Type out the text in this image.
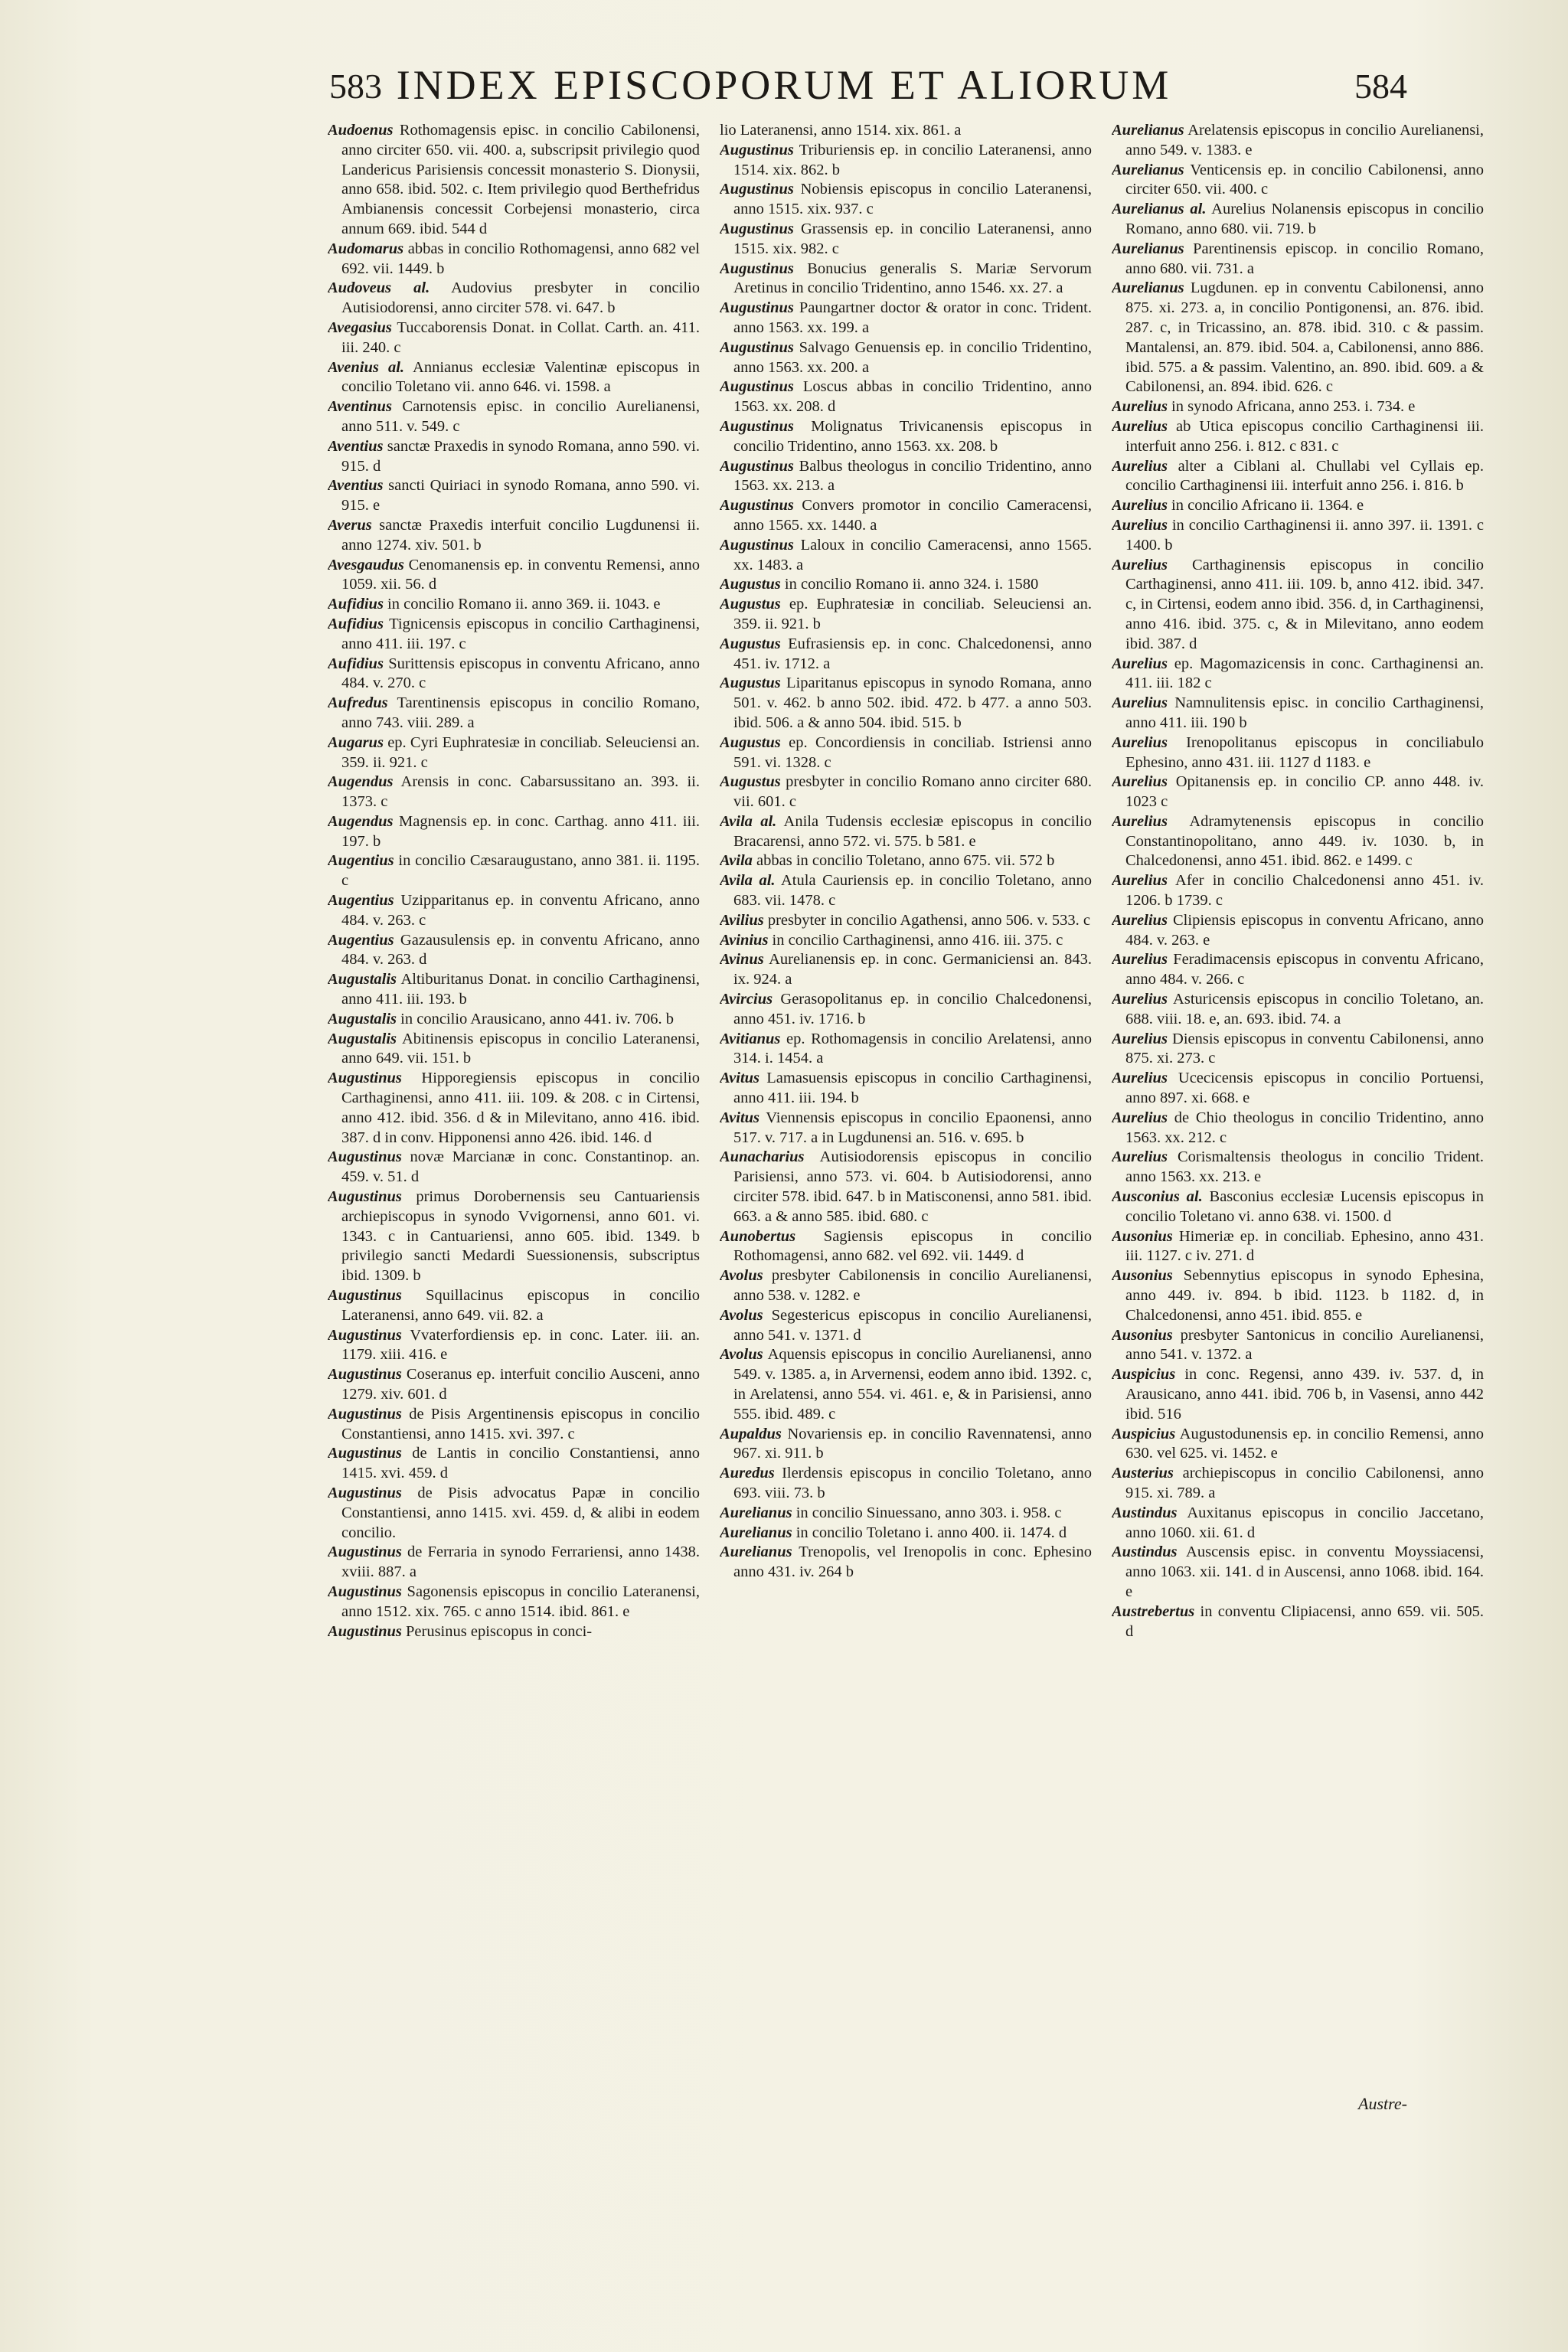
583 INDEX EPISCOPORUM ET ALIORUM	584

Audoenus Rothomagensis episc. in concilio Cabilonensi, anno circiter 650. vii. 400. a, subscripsit privilegio quod Landericus Parisiensis concessit monasterio S. Dionysii, anno 658. ibid. 502. c. Item privilegio quod Berthefridus Ambianensis concessit Corbejensi monasterio, circa annum 669. ibid. 544 d

Audomarus abbas in concilio Rothomagensi, anno 682 vel 692. vii. 1449. b

Audoveus al. Audovius presbyter in concilio Autisiodorensi, anno circiter 578. vi. 647. b

Avegasius Tuccaborensis Donat. in Collat. Carth. an. 411. iii. 240. c

Avenius al. Annianus ecclesiæ Valentinæ episcopus in concilio Toletano vii. anno 646. vi. 1598. a

Aventinus Carnotensis episc. in concilio Aurelianensi, anno 511. v. 549. c

Aventius sanctæ Praxedis in synodo Romana, anno 590. vi. 915. d

Aventius sancti Quiriaci in synodo Romana, anno 590. vi. 915. e

Averus sanctæ Praxedis interfuit concilio Lugdunensi ii. anno 1274. xiv. 501. b

Avesgaudus Cenomanensis ep. in conventu Remensi, anno 1059. xii. 56. d

Aufidius in concilio Romano ii. anno 369. ii. 1043. e

Aufidius Tignicensis episcopus in concilio Carthaginensi, anno 411. iii. 197. c

Aufidius Surittensis episcopus in conventu Africano, anno 484. v. 270. c

Aufredus Tarentinensis episcopus in concilio Romano, anno 743. viii. 289. a

Augarus ep. Cyri Euphratesiæ in conciliab. Seleuciensi an. 359. ii. 921. c

Augendus Arensis in conc. Cabarsussitano an. 393. ii. 1373. c

Augendus Magnensis ep. in conc. Carthag. anno 411. iii. 197. b

Augentius in concilio Cæsaraugustano, anno 381. ii. 1195. c

Augentius Uzipparitanus ep. in conventu Africano, anno 484. v. 263. c

Augentius Gazausulensis ep. in conventu Africano, anno 484. v. 263. d

Augustalis Altiburitanus Donat. in concilio Carthaginensi, anno 411. iii. 193. b

Augustalis in concilio Arausicano, anno 441. iv. 706. b

Augustalis Abitinensis episcopus in concilio Lateranensi, anno 649. vii. 151. b

Augustinus Hipporegiensis episcopus in concilio Carthaginensi, anno 411. iii. 109. & 208. c in Cirtensi, anno 412. ibid. 356. d & in Milevitano, anno 416. ibid. 387. d in conv. Hipponensi anno 426. ibid. 146. d

Augustinus novæ Marcianæ in conc. Constantinop. an. 459. v. 51. d

Augustinus primus Dorobernensis seu Cantuariensis archiepiscopus in synodo Vvigornensi, anno 601. vi. 1343. c in Cantuariensi, anno 605. ibid. 1349. b privilegio sancti Medardi Suessionensis, subscriptus ibid. 1309. b

Augustinus Squillacinus episcopus in concilio Lateranensi, anno 649. vii. 82. a

Augustinus Vvaterfordiensis ep. in conc. Later. iii. an. 1179. xiii. 416. e

Augustinus Coseranus ep. interfuit concilio Ausceni, anno 1279. xiv. 601. d

Augustinus de Pisis Argentinensis episcopus in concilio Constantiensi, anno 1415. xvi. 397. c

Augustinus de Lantis in concilio Constantiensi, anno 1415. xvi. 459. d

Augustinus de Pisis advocatus Papæ in concilio Constantiensi, anno 1415. xvi. 459. d, & alibi in eodem concilio.

Augustinus de Ferraria in synodo Ferrariensi, anno 1438. xviii. 887. a

Augustinus Sagonensis episcopus in concilio Lateranensi, anno 1512. xix. 765. c anno 1514. ibid. 861. e

Augustinus Perusinus episcopus in conci-

lio Lateranensi, anno 1514. xix. 861. a

Augustinus Triburiensis ep. in concilio Lateranensi, anno 1514. xix. 862. b

Augustinus Nobiensis episcopus in concilio Lateranensi, anno 1515. xix. 937. c

Augustinus Grassensis ep. in concilio Lateranensi, anno 1515. xix. 982. c

Augustinus Bonucius generalis S. Mariæ Servorum Aretinus in concilio Tridentino, anno 1546. xx. 27. a

Augustinus Paungartner doctor & orator in conc. Trident. anno 1563. xx. 199. a

Augustinus Salvago Genuensis ep. in concilio Tridentino, anno 1563. xx. 200. a

Augustinus Loscus abbas in concilio Tridentino, anno 1563. xx. 208. d

Augustinus Molignatus Trivicanensis episcopus in concilio Tridentino, anno 1563. xx. 208. b

Augustinus Balbus theologus in concilio Tridentino, anno 1563. xx. 213. a

Augustinus Convers promotor in concilio Cameracensi, anno 1565. xx. 1440. a

Augustinus Laloux in concilio Cameracensi, anno 1565. xx. 1483. a

Augustus in concilio Romano ii. anno 324. i. 1580

Augustus ep. Euphratesiæ in conciliab. Seleuciensi an. 359. ii. 921. b

Augustus Eufrasiensis ep. in conc. Chalcedonensi, anno 451. iv. 1712. a

Augustus Liparitanus episcopus in synodo Romana, anno 501. v. 462. b anno 502. ibid. 472. b 477. a anno 503. ibid. 506. a & anno 504. ibid. 515. b

Augustus ep. Concordiensis in conciliab. Istriensi anno 591. vi. 1328. c

Augustus presbyter in concilio Romano anno circiter 680. vii. 601. c

Avila al. Anila Tudensis ecclesiæ episcopus in concilio Bracarensi, anno 572. vi. 575. b 581. e

Avila abbas in concilio Toletano, anno 675. vii. 572 b

Avila al. Atula Cauriensis ep. in concilio Toletano, anno 683. vii. 1478. c

Avilius presbyter in concilio Agathensi, anno 506. v. 533. c

Avinius in concilio Carthaginensi, anno 416. iii. 375. c

Avinus Aurelianensis ep. in conc. Germaniciensi an. 843. ix. 924. a

Avircius Gerasopolitanus ep. in concilio Chalcedonensi, anno 451. iv. 1716. b

Avitianus ep. Rothomagensis in concilio Arelatensi, anno 314. i. 1454. a

Avitus Lamasuensis episcopus in concilio Carthaginensi, anno 411. iii. 194. b

Avitus Viennensis episcopus in concilio Epaonensi, anno 517. v. 717. a in Lugdunensi an. 516. v. 695. b

Aunacharius Autisiodorensis episcopus in concilio Parisiensi, anno 573. vi. 604. b Autisiodorensi, anno circiter 578. ibid. 647. b in Matisconensi, anno 581. ibid. 663. a & anno 585. ibid. 680. c

Aunobertus Sagiensis episcopus in concilio Rothomagensi, anno 682. vel 692. vii. 1449. d

Avolus presbyter Cabilonensis in concilio Aurelianensi, anno 538. v. 1282. e

Avolus Segestericus episcopus in concilio Aurelianensi, anno 541. v. 1371. d

Avolus Aquensis episcopus in concilio Aurelianensi, anno 549. v. 1385. a, in Arvernensi, eodem anno ibid. 1392. c, in Arelatensi, anno 554. vi. 461. e, & in Parisiensi, anno 555. ibid. 489. c

Aupaldus Novariensis ep. in concilio Ravennatensi, anno 967. xi. 911. b

Auredus Ilerdensis episcopus in concilio Toletano, anno 693. viii. 73. b

Aurelianus in concilio Sinuessano, anno 303. i. 958. c

Aurelianus in concilio Toletano i. anno 400. ii. 1474. d

Aurelianus Trenopolis, vel Irenopolis in conc. Ephesino anno 431. iv. 264 b

Aurelianus Arelatensis episcopus in concilio Aurelianensi, anno 549. v. 1383. e

Aurelianus Venticensis ep. in concilio Cabilonensi, anno circiter 650. vii. 400. c

Aurelianus al. Aurelius Nolanensis episcopus in concilio Romano, anno 680. vii. 719. b

Aurelianus Parentinensis episcop. in concilio Romano, anno 680. vii. 731. a

Aurelianus Lugdunen. ep in conventu Cabilonensi, anno 875. xi. 273. a, in concilio Pontigonensi, an. 876. ibid. 287. c, in Tricassino, an. 878. ibid. 310. c & passim. Mantalensi, an. 879. ibid. 504. a, Cabilonensi, anno 886. ibid. 575. a & passim. Valentino, an. 890. ibid. 609. a & Cabilonensi, an. 894. ibid. 626. c

Aurelius in synodo Africana, anno 253. i. 734. e

Aurelius ab Utica episcopus concilio Carthaginensi iii. interfuit anno 256. i. 812. c 831. c

Aurelius alter a Ciblani al. Chullabi vel Cyllais ep. concilio Carthaginensi iii. interfuit anno 256. i. 816. b

Aurelius in concilio Africano ii. 1364. e

Aurelius in concilio Carthaginensi ii. anno 397. ii. 1391. c 1400. b

Aurelius Carthaginensis episcopus in concilio Carthaginensi, anno 411. iii. 109. b, anno 412. ibid. 347. c, in Cirtensi, eodem anno ibid. 356. d, in Carthaginensi, anno 416. ibid. 375. c, & in Milevitano, anno eodem ibid. 387. d

Aurelius ep. Magomazicensis in conc. Carthaginensi an. 411. iii. 182 c

Aurelius Namnulitensis episc. in concilio Carthaginensi, anno 411. iii. 190 b

Aurelius Irenopolitanus episcopus in conciliabulo Ephesino, anno 431. iii. 1127 d 1183. e

Aurelius Opitanensis ep. in concilio CP. anno 448. iv. 1023 c

Aurelius Adramytenensis episcopus in concilio Constantinopolitano, anno 449. iv. 1030. b, in Chalcedonensi, anno 451. ibid. 862. e 1499. c

Aurelius Afer in concilio Chalcedonensi anno 451. iv. 1206. b 1739. c

Aurelius Clipiensis episcopus in conventu Africano, anno 484. v. 263. e

Aurelius Feradimacensis episcopus in conventu Africano, anno 484. v. 266. c

Aurelius Asturicensis episcopus in concilio Toletano, an. 688. viii. 18. e, an. 693. ibid. 74. a

Aurelius Diensis episcopus in conventu Cabilonensi, anno 875. xi. 273. c

Aurelius Ucecicensis episcopus in concilio Portuensi, anno 897. xi. 668. e

Aurelius de Chio theologus in concilio Tridentino, anno 1563. xx. 212. c

Aurelius Corismaltensis theologus in concilio Trident. anno 1563. xx. 213. e

Ausconius al. Basconius ecclesiæ Lucensis episcopus in concilio Toletano vi. anno 638. vi. 1500. d

Ausonius Himeriæ ep. in conciliab. Ephesino, anno 431. iii. 1127. c iv. 271. d

Ausonius Sebennytius episcopus in synodo Ephesina, anno 449. iv. 894. b ibid. 1123. b 1182. d, in Chalcedonensi, anno 451. ibid. 855. e

Ausonius presbyter Santonicus in concilio Aurelianensi, anno 541. v. 1372. a

Auspicius in conc. Regensi, anno 439. iv. 537. d, in Arausicano, anno 441. ibid. 706 b, in Vasensi, anno 442 ibid. 516

Auspicius Augustodunensis ep. in concilio Remensi, anno 630. vel 625. vi. 1452. e

Austerius archiepiscopus in concilio Cabilonensi, anno 915. xi. 789. a

Austindus Auxitanus episcopus in concilio Jaccetano, anno 1060. xii. 61. d

Austindus Auscensis episc. in conventu Moyssiacensi, anno 1063. xii. 141. d in Auscensi, anno 1068. ibid. 164. e

Austrebertus in conventu Clipiacensi, anno 659. vii. 505. d

Austre-
